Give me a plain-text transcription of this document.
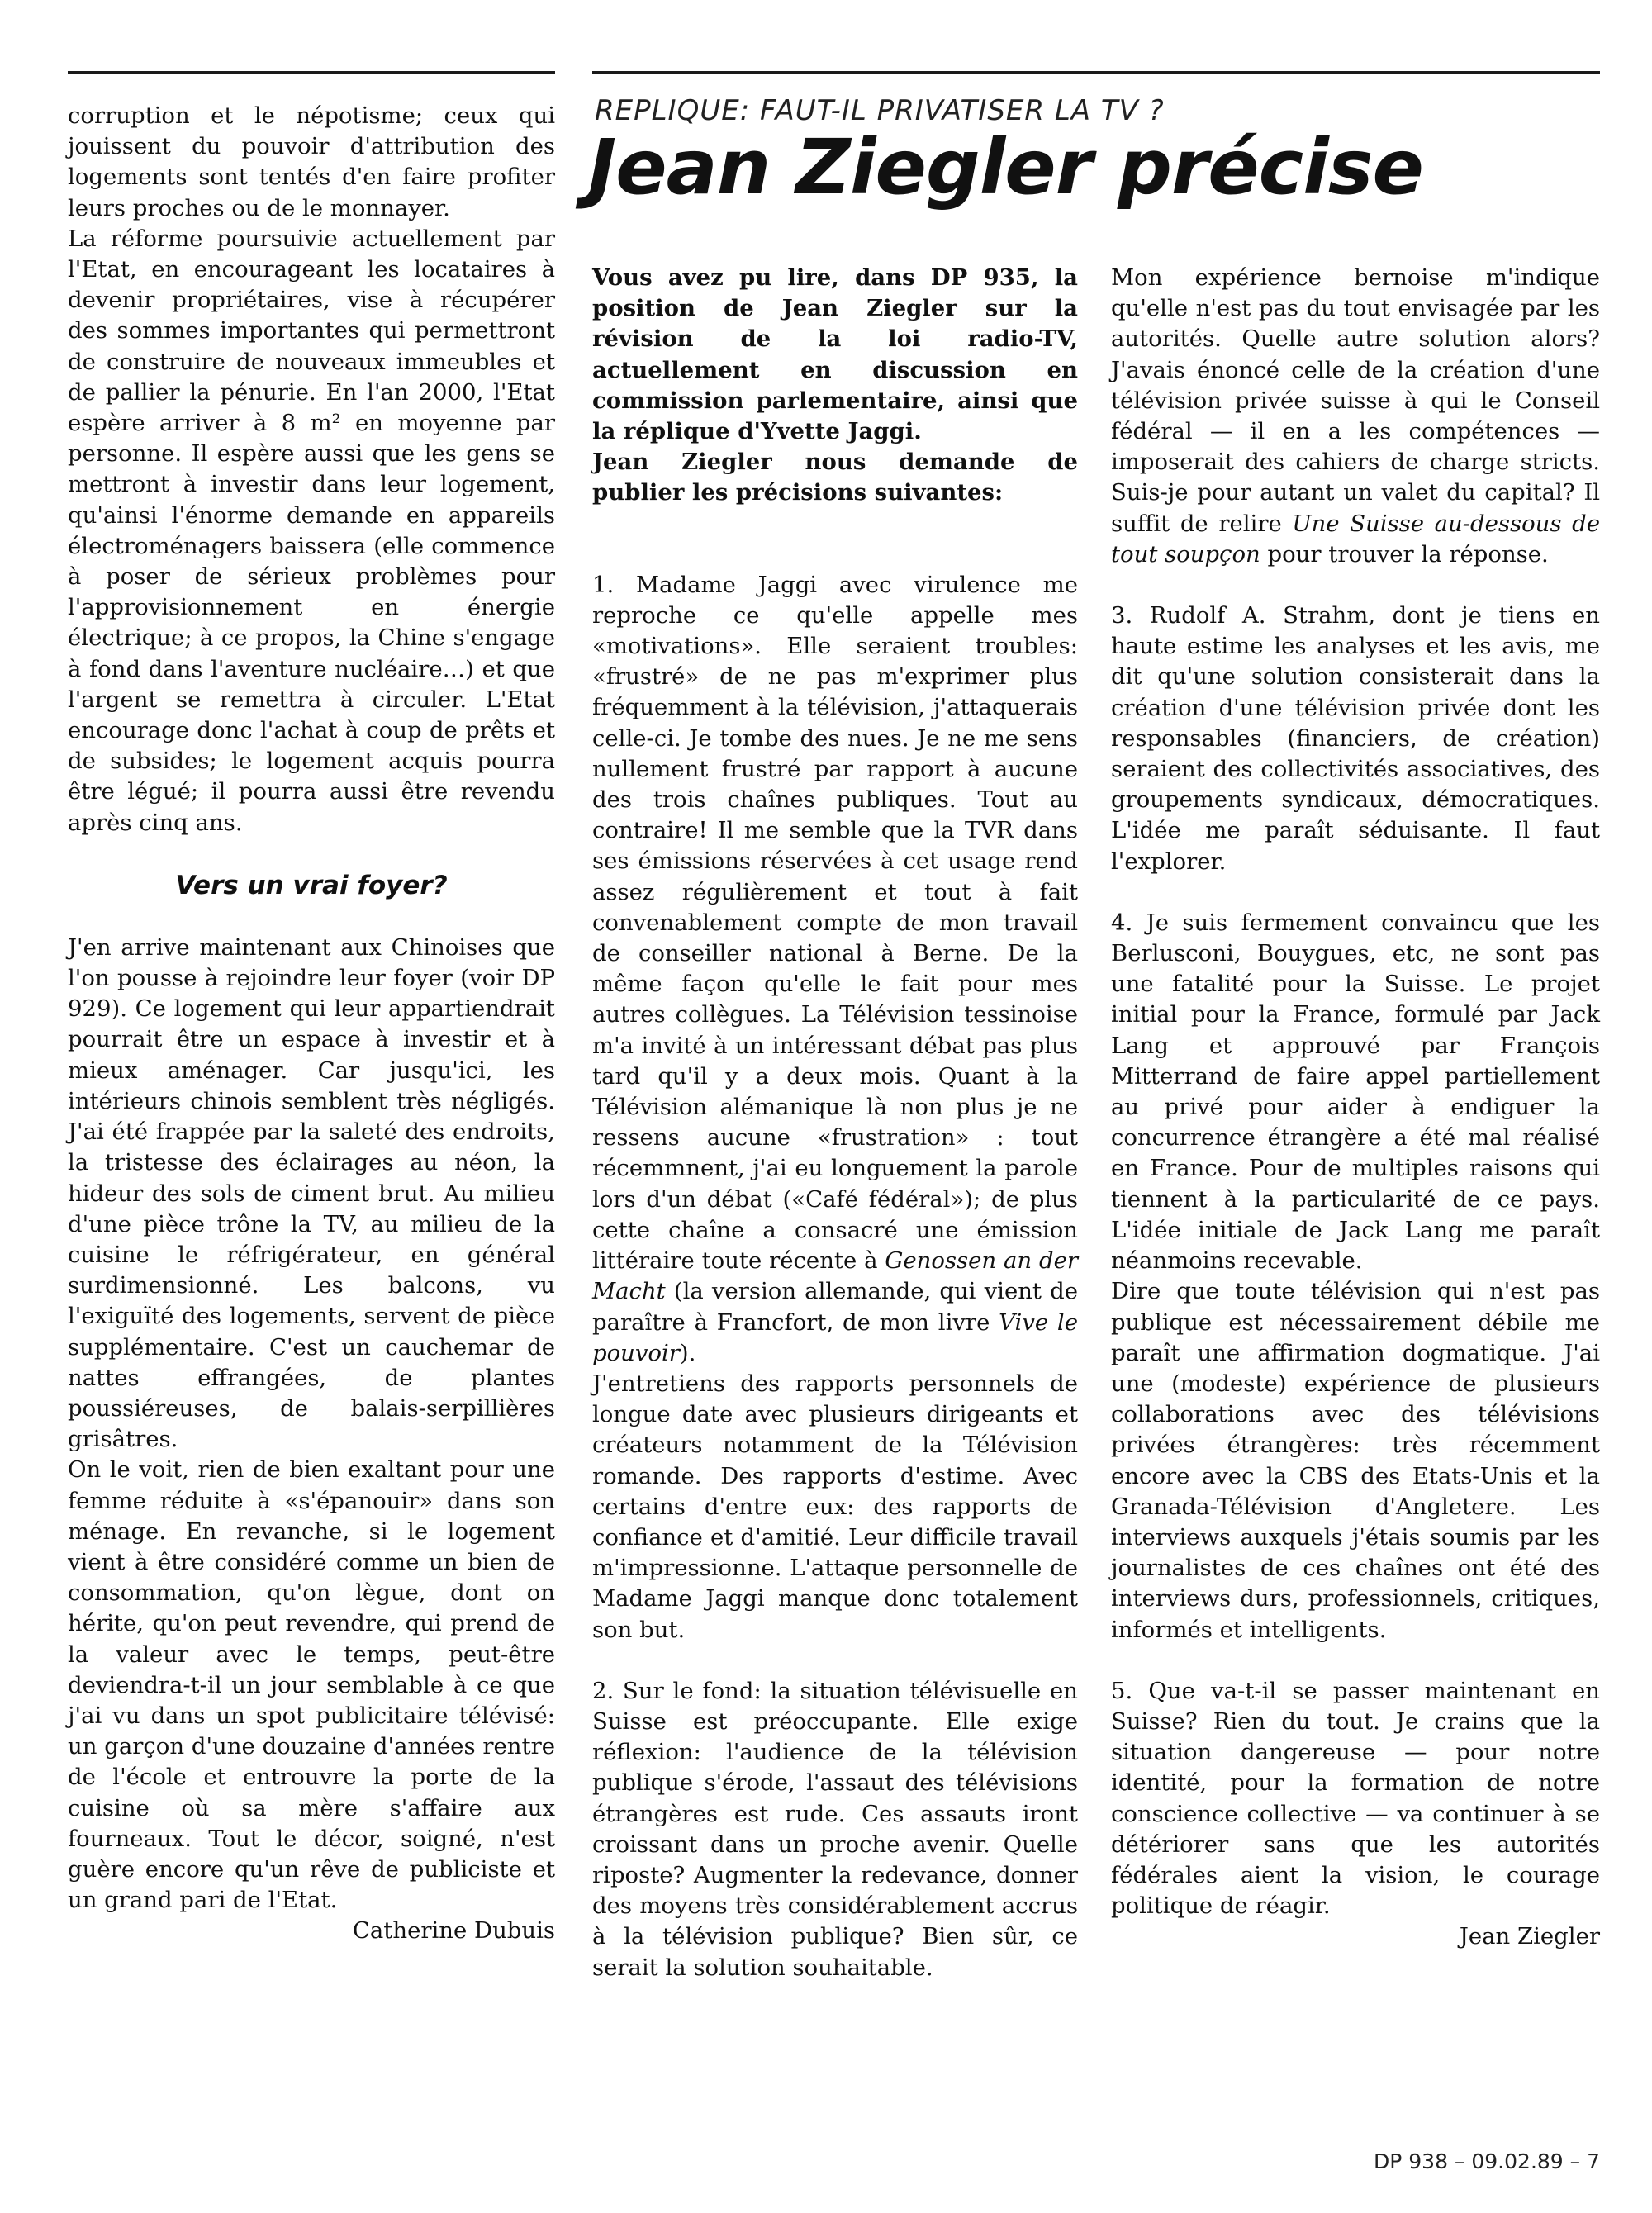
corruption et le népotisme; ceux qui jouissent du pouvoir d'attribution des logements sont tentés d'en faire profiter leurs proches ou de le monnayer.

La réforme poursuivie actuellement par l'Etat, en encourageant les locataires à devenir propriétaires, vise à récupérer des sommes importantes qui permettront de construire de nouveaux immeubles et de pallier la pénurie. En l'an 2000, l'Etat espère arriver à 8 m² en moyenne par personne. Il espère aussi que les gens se mettront à investir dans leur logement, qu'ainsi l'énorme demande en appareils électroménagers baissera (elle commence à poser de sérieux problèmes pour l'approvisionnement en énergie électrique; à ce propos, la Chine s'engage à fond dans l'aventure nucléaire…) et que l'argent se remettra à circuler. L'Etat encourage donc l'achat à coup de prêts et de subsides; le logement acquis pourra être légué; il pourra aussi être revendu après cinq ans.

Vers un vrai foyer?

J'en arrive maintenant aux Chinoises que l'on pousse à rejoindre leur foyer (voir DP 929). Ce logement qui leur appartiendrait pourrait être un espace à investir et à mieux aménager. Car jusqu'ici, les intérieurs chinois semblent très négligés. J'ai été frappée par la saleté des endroits, la tristesse des éclairages au néon, la hideur des sols de ciment brut. Au milieu d'une pièce trône la TV, au milieu de la cuisine le réfrigérateur, en général surdimensionné. Les balcons, vu l'exiguïté des logements, servent de pièce supplémentaire. C'est un cauchemar de nattes effrangées, de plantes poussiéreuses, de balais-serpillières grisâtres.

On le voit, rien de bien exaltant pour une femme réduite à «s'épanouir» dans son ménage. En revanche, si le logement vient à être considéré comme un bien de consommation, qu'on lègue, dont on hérite, qu'on peut revendre, qui prend de la valeur avec le temps, peut-être deviendra-t-il un jour semblable à ce que j'ai vu dans un spot publicitaire télévisé: un garçon d'une douzaine d'années rentre de l'école et entrouvre la porte de la cuisine où sa mère s'affaire aux fourneaux. Tout le décor, soigné, n'est guère encore qu'un rêve de publiciste et un grand pari de l'Etat.

Catherine Dubuis

REPLIQUE: FAUT-IL PRIVATISER LA TV ?
Jean Ziegler précise

Vous avez pu lire, dans DP 935, la position de Jean Ziegler sur la révision de la loi radio-TV, actuellement en discussion en commission parlementaire, ainsi que la réplique d'Yvette Jaggi.

Jean Ziegler nous demande de publier les précisions suivantes:

1. Madame Jaggi avec virulence me reproche ce qu'elle appelle mes «motivations». Elle seraient troubles: «frustré» de ne pas m'exprimer plus fréquemment à la télévision, j'attaquerais celle-ci. Je tombe des nues. Je ne me sens nullement frustré par rapport à aucune des trois chaînes publiques. Tout au contraire! Il me semble que la TVR dans ses émissions réservées à cet usage rend assez régulièrement et tout à fait convenablement compte de mon travail de conseiller national à Berne. De la même façon qu'elle le fait pour mes autres collègues. La Télévision tessinoise m'a invité à un intéressant débat pas plus tard qu'il y a deux mois. Quant à la Télévision alémanique là non plus je ne ressens aucune «frustration» : tout récemmnent, j'ai eu longuement la parole lors d'un débat («Café fédéral»); de plus cette chaîne a consacré une émission littéraire toute récente à Genossen an der Macht (la version allemande, qui vient de paraître à Francfort, de mon livre Vive le pouvoir).

J'entretiens des rapports personnels de longue date avec plusieurs dirigeants et créateurs notamment de la Télévision romande. Des rapports d'estime. Avec certains d'entre eux: des rapports de confiance et d'amitié. Leur difficile travail m'impressionne. L'attaque personnelle de Madame Jaggi manque donc totalement son but.

2. Sur le fond: la situation télévisuelle en Suisse est préoccupante. Elle exige réflexion: l'audience de la télévision publique s'érode, l'assaut des télévisions étrangères est rude. Ces assauts iront croissant dans un proche avenir. Quelle riposte? Augmenter la redevance, donner des moyens très considérablement accrus à la télévision publique? Bien sûr, ce serait la solution souhaitable.

Mon expérience bernoise m'indique qu'elle n'est pas du tout envisagée par les autorités. Quelle autre solution alors? J'avais énoncé celle de la création d'une télévision privée suisse à qui le Conseil fédéral — il en a les compétences — imposerait des cahiers de charge stricts. Suis-je pour autant un valet du capital? Il suffit de relire Une Suisse au-dessous de tout soupçon pour trouver la réponse.

3. Rudolf A. Strahm, dont je tiens en haute estime les analyses et les avis, me dit qu'une solution consisterait dans la création d'une télévision privée dont les responsables (financiers, de création) seraient des collectivités associatives, des groupements syndicaux, démocratiques. L'idée me paraît séduisante. Il faut l'explorer.

4. Je suis fermement convaincu que les Berlusconi, Bouygues, etc, ne sont pas une fatalité pour la Suisse. Le projet initial pour la France, formulé par Jack Lang et approuvé par François Mitterrand de faire appel partiellement au privé pour aider à endiguer la concurrence étrangère a été mal réalisé en France. Pour de multiples raisons qui tiennent à la particularité de ce pays. L'idée initiale de Jack Lang me paraît néanmoins recevable.

Dire que toute télévision qui n'est pas publique est nécessairement débile me paraît une affirmation dogmatique. J'ai une (modeste) expérience de plusieurs collaborations avec des télévisions privées étrangères: très récemment encore avec la CBS des Etats-Unis et la Granada-Télévision d'Angletere. Les interviews auxquels j'étais soumis par les journalistes de ces chaînes ont été des interviews durs, professionnels, critiques, informés et intelligents.

5. Que va-t-il se passer maintenant en Suisse? Rien du tout. Je crains que la situation dangereuse — pour notre identité, pour la formation de notre conscience collective — va continuer à se détériorer sans que les autorités fédérales aient la vision, le courage politique de réagir.

Jean Ziegler

DP 938 – 09.02.89 – 7
